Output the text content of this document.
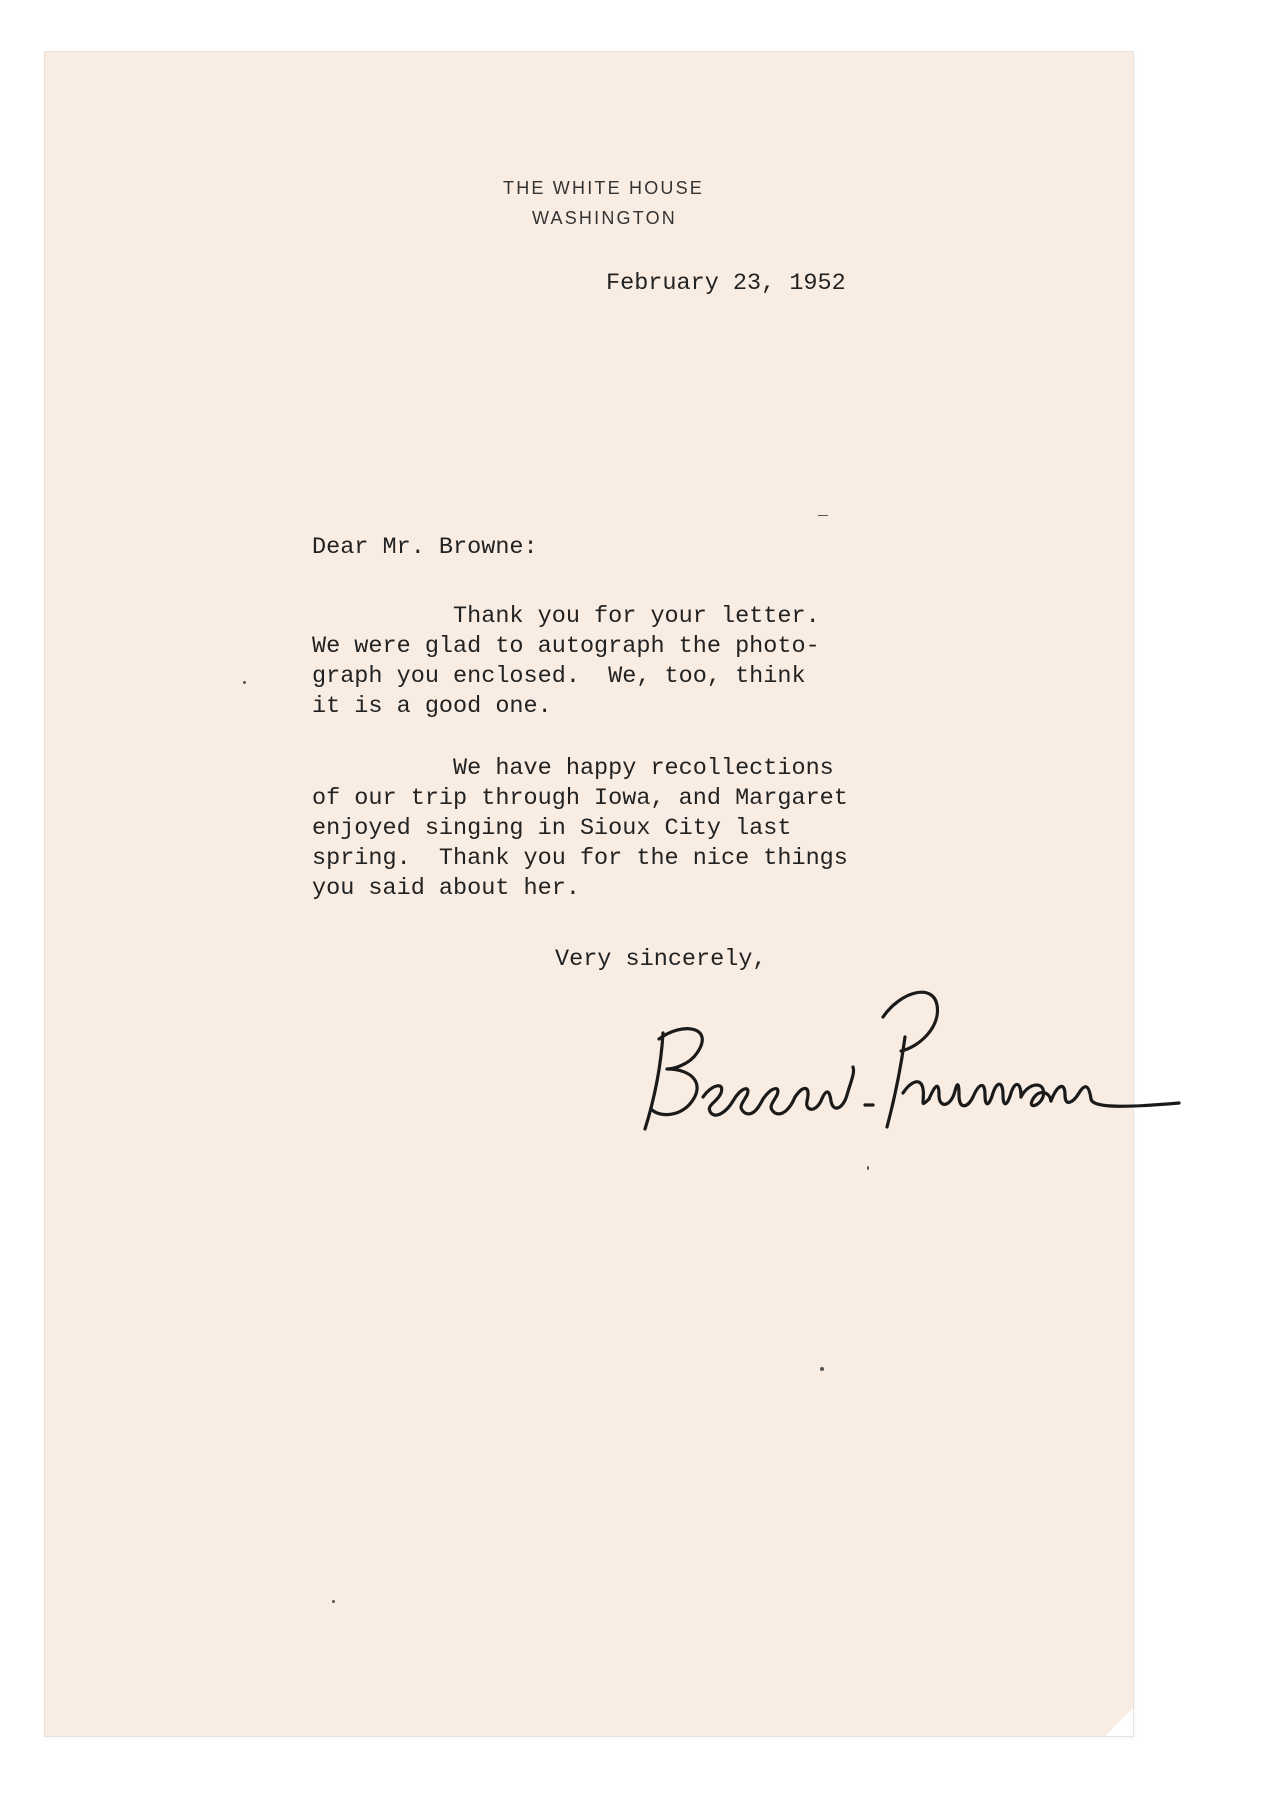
THE WHITE HOUSE
WASHINGTON
February 23, 1952
Dear Mr. Browne:
Thank you for your letter.
We were glad to autograph the photo-
graph you enclosed.  We, too, think
it is a good one.
We have happy recollections
of our trip through Iowa, and Margaret
enjoyed singing in Sioux City last
spring.  Thank you for the nice things
you said about her.
Very sincerely,
